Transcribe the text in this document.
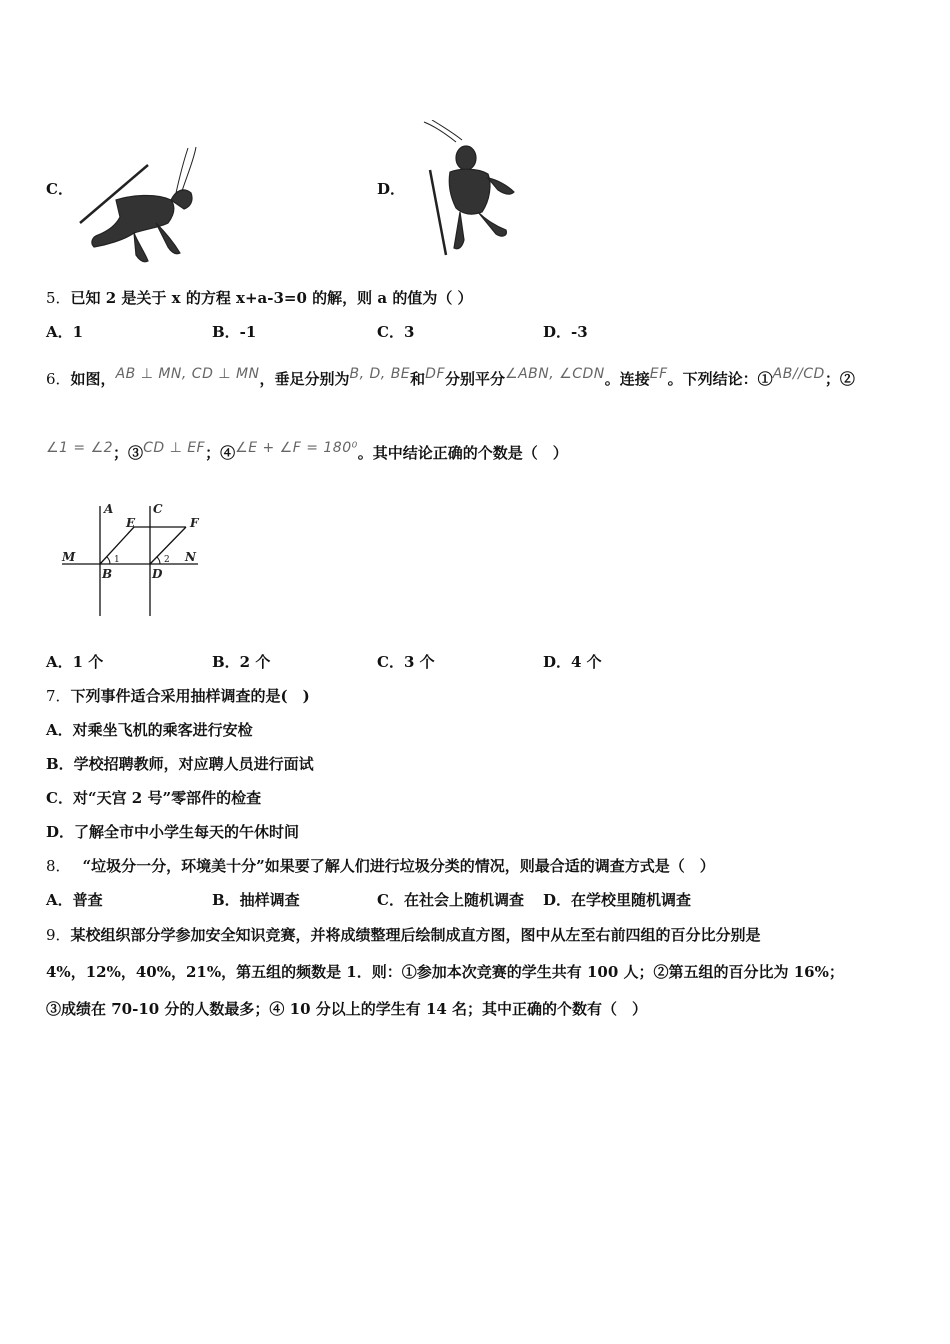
C．	D．
5．已知 2 是关于 x 的方程 x+a-3=0 的解，则 a 的值为（ ）
A．1	B．-1	C．3	D．-3
6．如图，AB ⊥ MN, CD ⊥ MN，垂足分别为B, D, BE和DF分别平分∠ABN, ∠CDN。连接EF。下列结论：①AB//CD；②
∠1 = ∠2；③CD ⊥ EF；④∠E + ∠F = 180⁰。其中结论正确的个数是（　）
A	C
E	F
M
B	D
N
1	2
A．1 个	B．2 个	C．3 个	D．4 个
7．下列事件适合采用抽样调查的是(　)
A．对乘坐飞机的乘客进行安检
B．学校招聘教师，对应聘人员进行面试
C．对“天宫 2 号”零部件的检查
D．了解全市中小学生每天的午休时间
8． “垃圾分一分，环境美十分”如果要了解人们进行垃圾分类的情况，则最合适的调查方式是（　）
A．普查	B．抽样调查	C．在社会上随机调查 D．在学校里随机调查
9．某校组织部分学参加安全知识竞赛，并将成绩整理后绘制成直方图，图中从左至右前四组的百分比分别是
4%，12%，40%，21%，第五组的频数是 1．则：①参加本次竞赛的学生共有 100 人；②第五组的百分比为 16%；
③成绩在 70-10 分的人数最多；④ 10 分以上的学生有 14 名；其中正确的个数有（　）
